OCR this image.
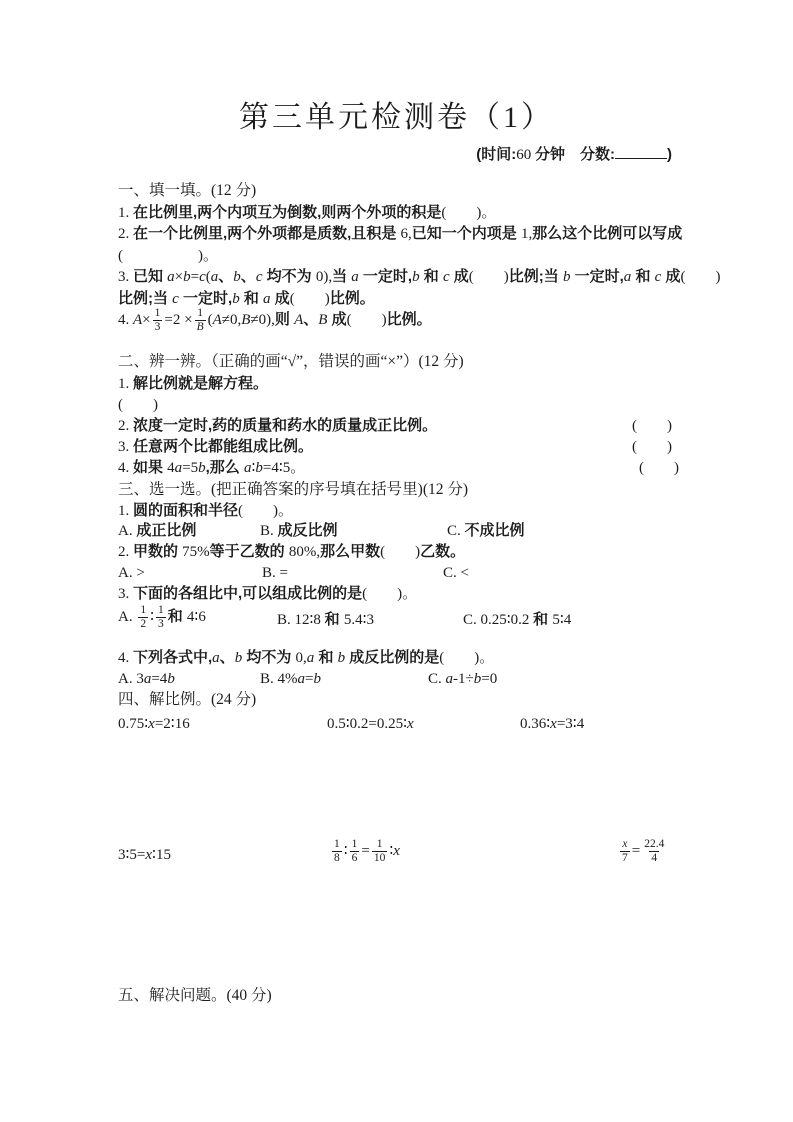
第三单元检测卷（1）
(时间:60 分钟　分数:	)
一、填一填。(12 分)
1. 在比例里,两个内项互为倒数,则两个外项的积是(　　)。
2. 在一个比例里,两个外项都是质数,且积是 6,已知一个内项是 1,那么这个比例可以写成
(　　　　　)。
3. 已知 a×b=c(a、b、c 均不为 0),当 a 一定时,b 和 c 成(　　)比例;当 b 一定时,a 和 c 成(　　)
比例;当 c 一定时,b 和 a 成(　　)比例。
4. $A\times \frac{1}{3} =2 \times \frac{1}{B} (A\ne 0,B\ne 0)$,则 A、B 成(　　)比例。
二、辨一辨。（正确的画“√”，错误的画“×”）(12 分)
1. 解比例就是解方程。
(　　)
2. 浓度一定时,药的质量和药水的质量成正比例。	(　　)
3. 任意两个比都能组成比例。	(　　)
4. 如果 4a=5b,那么 a∶b=4∶5。	(　　)
三、选一选。(把正确答案的序号填在括号里)(12 分)
1. 圆的面积和半径(　　)。
A. 成正比例	B. 成反比例	C. 不成比例
2. 甲数的 75%等于乙数的 80%,那么甲数(　　)乙数。
A. >	B. =	C. <
3. 下面的各组比中,可以组成比例的是(　　)。
A. $\frac{1}{2}$ ∶ $\frac{1}{3}$ 和 4∶6	B. 12∶8 和 5.4∶3	C. 0.25∶0.2 和 5∶4
4. 下列各式中,a、b 均不为 0,a 和 b 成反比例的是(　　)。
A. 3a=4b	B. 4%a=b	C. a-1÷b=0
四、解比例。(24 分)
0.75∶x=2∶16	0.5∶0.2=0.25∶x	0.36∶x=3∶4
3∶5=x∶15	$\frac{1}{8}$ ∶ $\frac{1}{6} = \frac{1}{10}$ ∶x	$\frac{x}{7} = \frac{22.4}{4}$
五、解决问题。(40 分)
